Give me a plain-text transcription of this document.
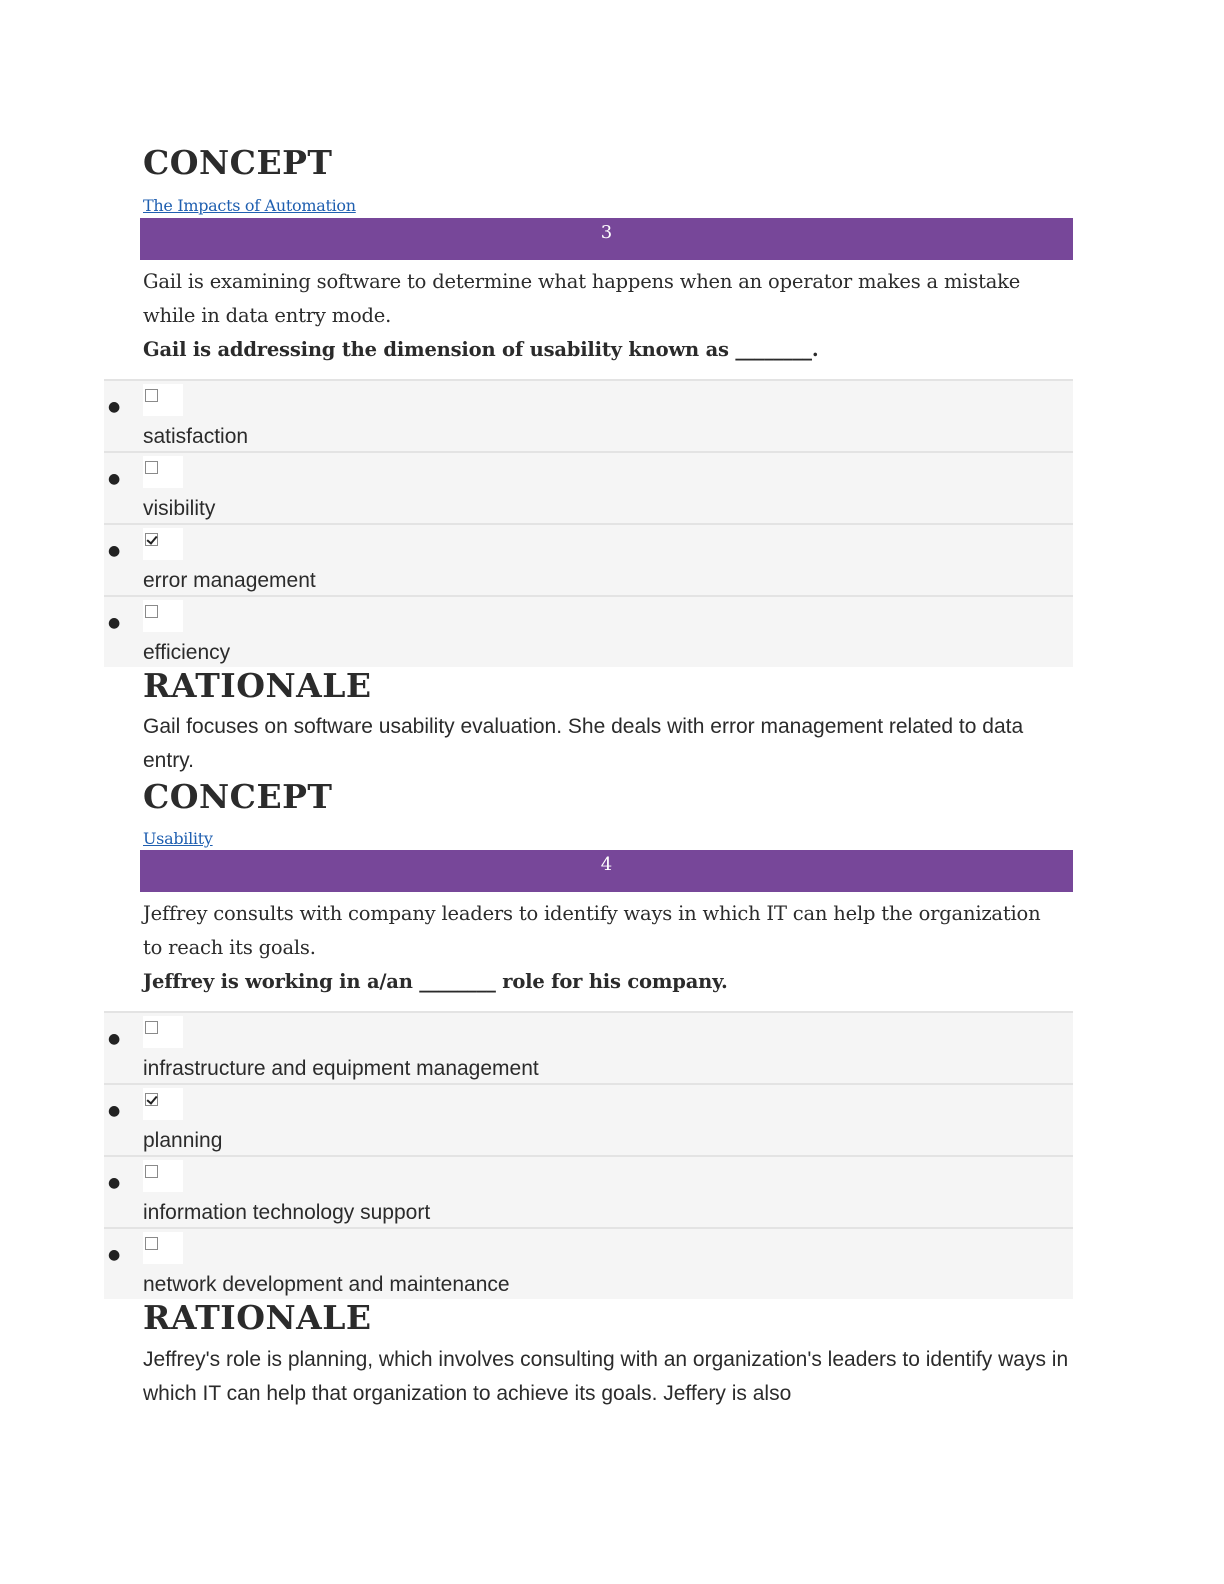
CONCEPT
The Impacts of Automation
3
Gail is examining software to determine what happens when an operator makes a mistake while in data entry mode.
Gail is addressing the dimension of usability known as ________.
●
satisfaction
●
visibility
●
error management
●
efficiency
RATIONALE
Gail focuses on software usability evaluation. She deals with error management related to data entry.
CONCEPT
Usability
4
Jeffrey consults with company leaders to identify ways in which IT can help the organization to reach its goals.
Jeffrey is working in a/an ________ role for his company.
●
infrastructure and equipment management
●
planning
●
information technology support
●
network development and maintenance
RATIONALE
Jeffrey's role is planning, which involves consulting with an organization's leaders to identify ways in which IT can help that organization to achieve its goals. Jeffery is also
